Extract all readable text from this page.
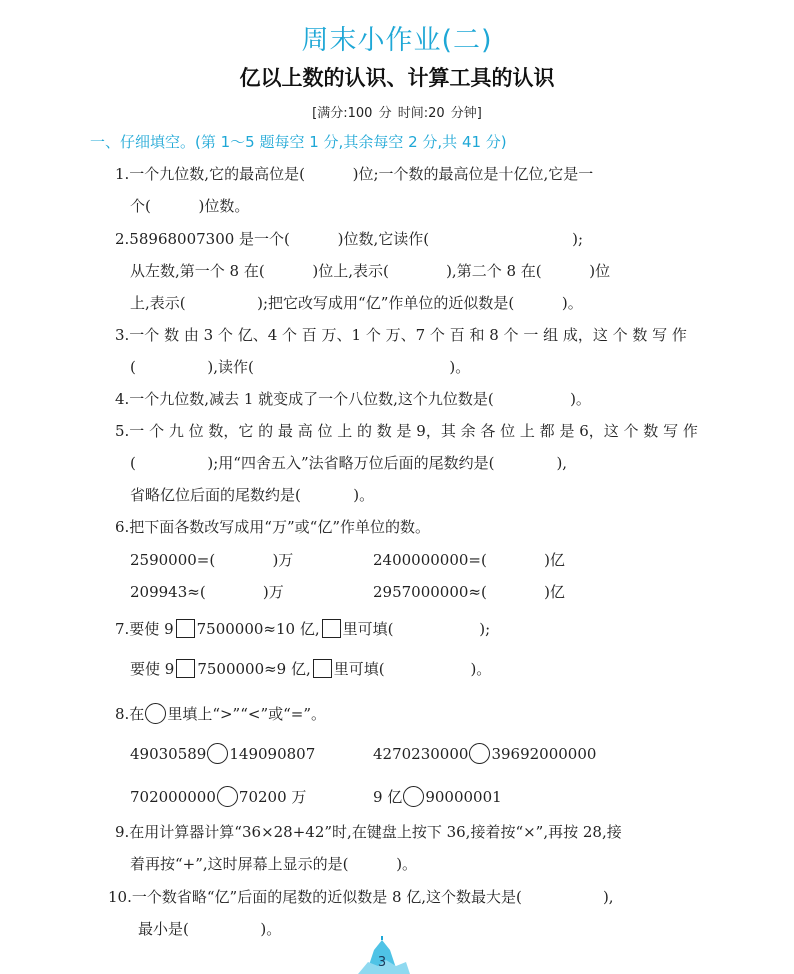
周末小作业(二)
亿以上数的认识、计算工具的认识
[满分:100 分 时间:20 分钟]
一、仔细填空。(第 1～5 题每空 1 分,其余每空 2 分,共 41 分)
1.一个九位数,它的最高位是(          )位;一个数的最高位是十亿位,它是一
个(          )位数。
2.58968007300 是一个(          )位数,它读作(                              );
从左数,第一个 8 在(          )位上,表示(            ),第二个 8 在(          )位
上,表示(               );把它改写成用“亿”作单位的近似数是(          )。
3.一个 数 由 3 个 亿、4 个 百 万、1 个 万、7 个 百 和 8 个 一 组 成，这 个 数 写 作
(               ),读作(                                         )。
4.一个九位数,减去 1 就变成了一个八位数,这个九位数是(                )。
5.一 个 九 位 数，它 的 最 高 位 上 的 数 是 9，其 余 各 位 上 都 是 6，这 个 数 写 作
(               );用“四舍五入”法省略万位后面的尾数约是(             ),
省略亿位后面的尾数约是(           )。
6.把下面各数改写成用“万”或“亿”作单位的数。
2590000=(            )万	2400000000=(            )亿
209943≈(            )万	2957000000≈(            )亿
7.要使 9 7500000≈10 亿, 里可填(                  );
要使 9 7500000≈9 亿, 里可填(                  )。
8.在 里填上“>”“<”或“=”。
49030589 149090807	4270230000 39692000000
702000000 70200 万	9 亿 90000001
9.在用计算器计算“36×28+42”时,在键盘上按下 36,接着按“×”,再按 28,接
着再按“+”,这时屏幕上显示的是(          )。
10.一个数省略“亿”后面的尾数的近似数是 8 亿,这个数最大是(                 ),
最小是(               )。
3
